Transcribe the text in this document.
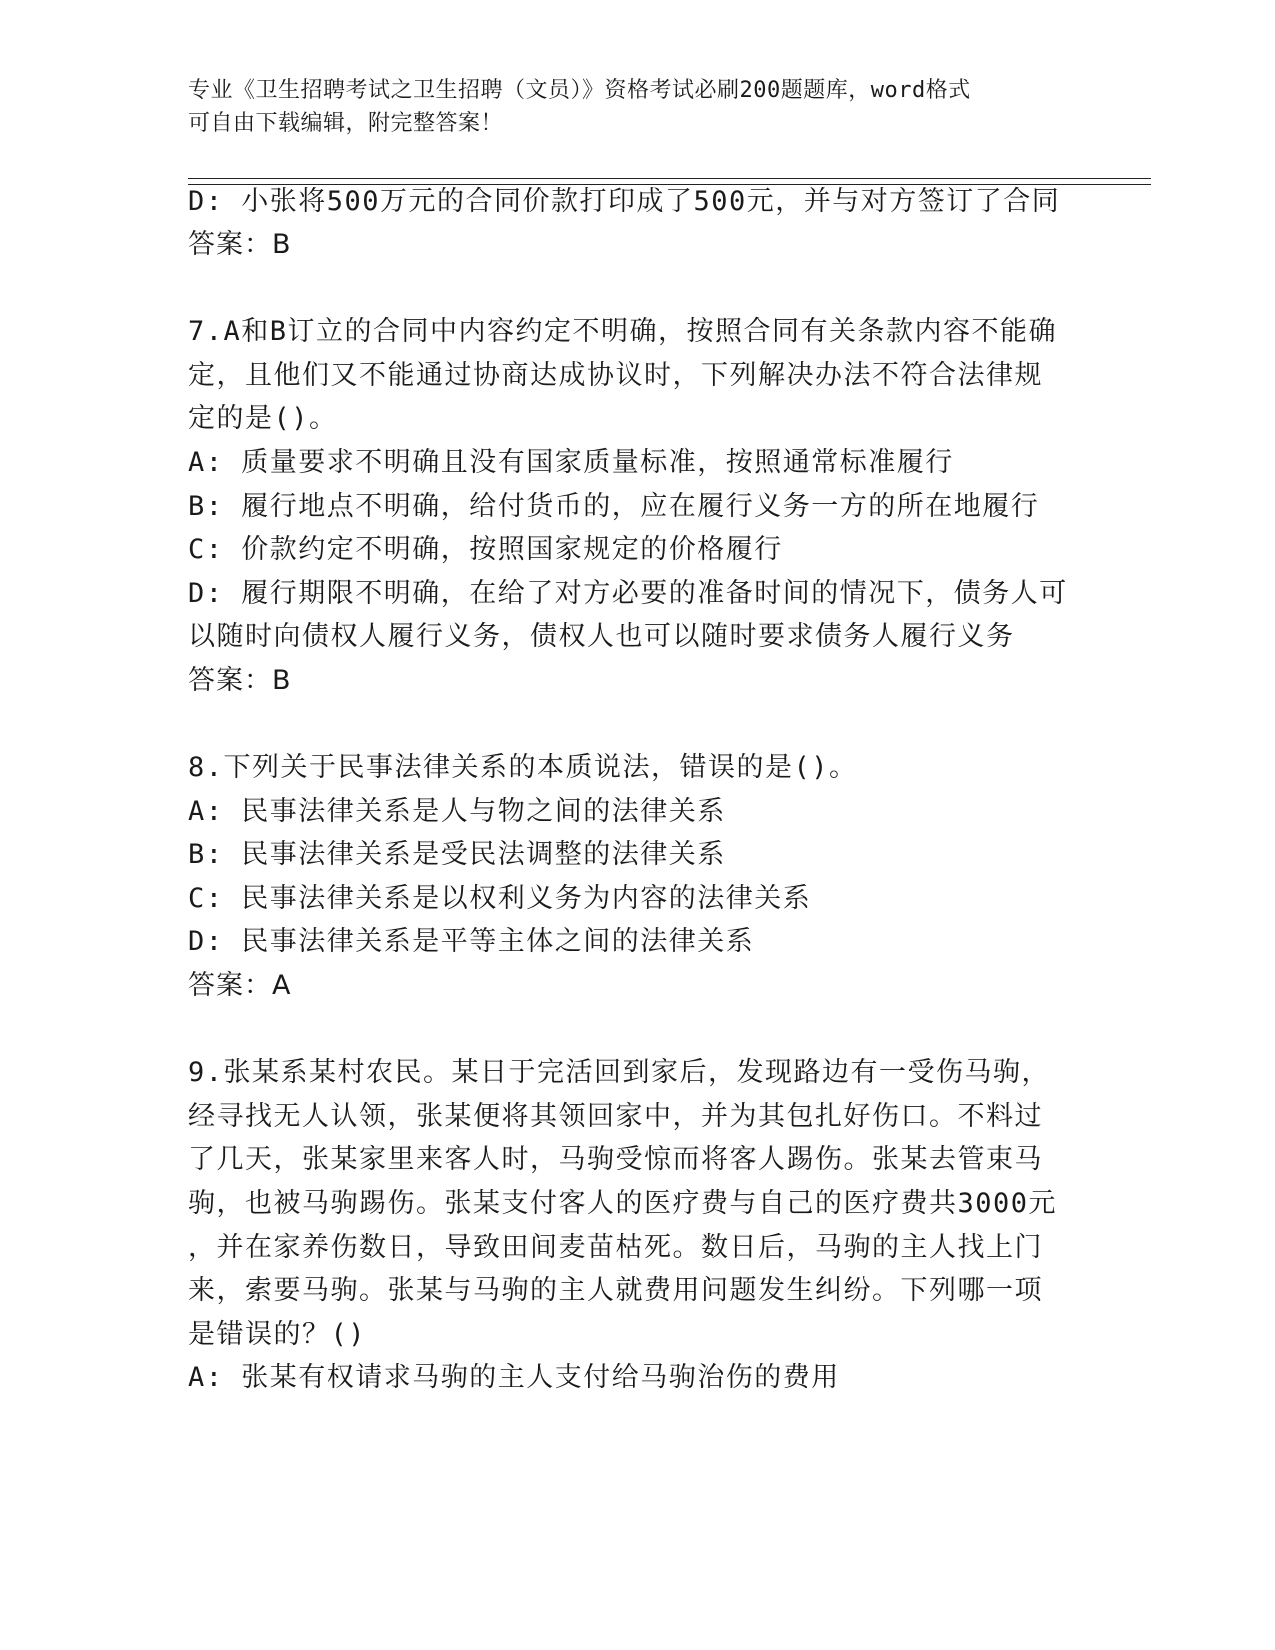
专业《卫生招聘考试之卫生招聘（文员）》资格考试必刷200题题库，word格式
可自由下载编辑，附完整答案！
D: 小张将500万元的合同价款打印成了500元，并与对方签订了合同
答案：B
7.A和B订立的合同中内容约定不明确，按照合同有关条款内容不能确
定，且他们又不能通过协商达成协议时，下列解决办法不符合法律规
定的是()。
A: 质量要求不明确且没有国家质量标准，按照通常标准履行
B: 履行地点不明确，给付货币的，应在履行义务一方的所在地履行
C: 价款约定不明确，按照国家规定的价格履行
D: 履行期限不明确，在给了对方必要的准备时间的情况下，债务人可
以随时向债权人履行义务，债权人也可以随时要求债务人履行义务
答案：B
8.下列关于民事法律关系的本质说法，错误的是()。
A: 民事法律关系是人与物之间的法律关系
B: 民事法律关系是受民法调整的法律关系
C: 民事法律关系是以权利义务为内容的法律关系
D: 民事法律关系是平等主体之间的法律关系
答案：A
9.张某系某村农民。某日于完活回到家后，发现路边有一受伤马驹，
经寻找无人认领，张某便将其领回家中，并为其包扎好伤口。不料过
了几天，张某家里来客人时，马驹受惊而将客人踢伤。张某去管束马
驹，也被马驹踢伤。张某支付客人的医疗费与自己的医疗费共3000元
，并在家养伤数日，导致田间麦苗枯死。数日后，马驹的主人找上门
来，索要马驹。张某与马驹的主人就费用问题发生纠纷。下列哪一项
是错误的？()
A: 张某有权请求马驹的主人支付给马驹治伤的费用
